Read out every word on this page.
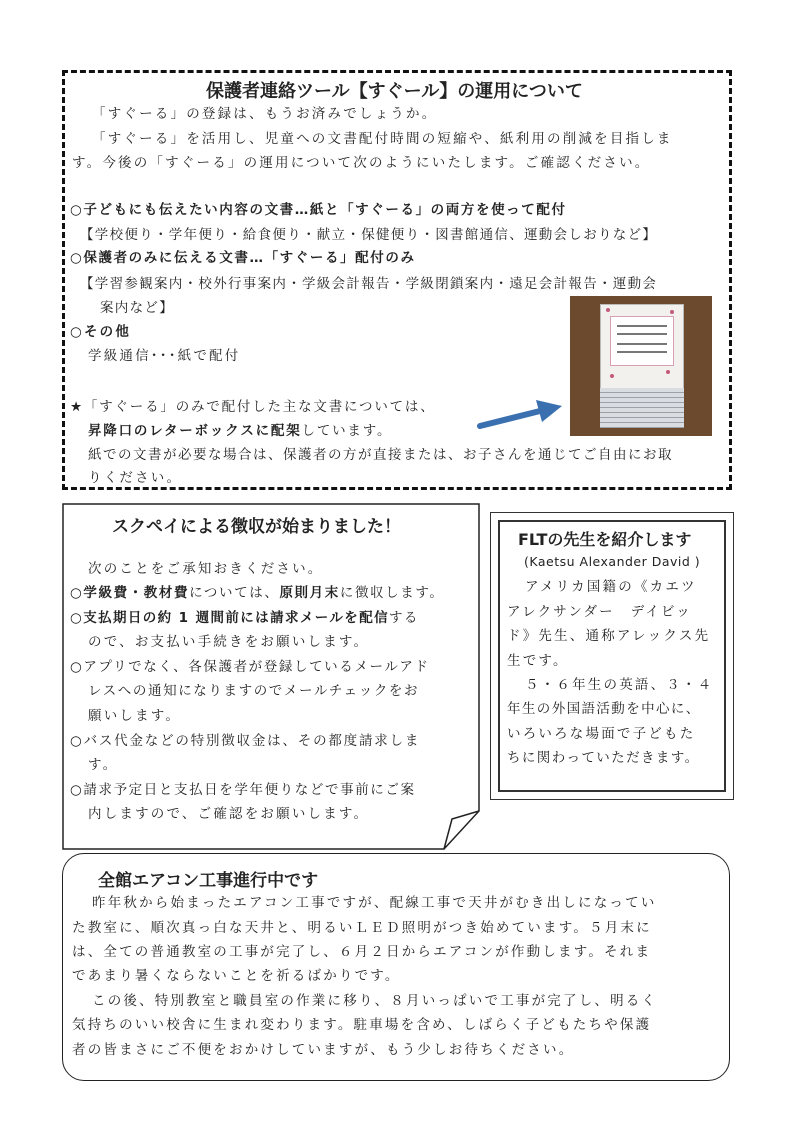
保護者連絡ツール【すぐール】の運用について
「すぐーる」の登録は、もうお済みでしょうか。
「すぐーる」を活用し、児童への文書配付時間の短縮や、紙利用の削減を目指しま
す。今後の「すぐーる」の運用について次のようにいたします。ご確認ください。
○子どもにも伝えたい内容の文書…紙と「すぐーる」の両方を使って配付
【学校便り・学年便り・給食便り・献立・保健便り・図書館通信、運動会しおりなど】
○保護者のみに伝える文書…「すぐーる」配付のみ
【学習参観案内・校外行事案内・学級会計報告・学級閉鎖案内・遠足会計報告・運動会
案内など】
○その他
学級通信･･･紙で配付
★「すぐーる」のみで配付した主な文書については、
昇降口のレターボックスに配架しています。
紙での文書が必要な場合は、保護者の方が直接または、お子さんを通じてご自由にお取
りください。
スクペイによる徴収が始まりました！
次のことをご承知おきください。
○学級費・教材費については、原則月末に徴収します。
○支払期日の約 1 週間前には請求メールを配信する
ので、お支払い手続きをお願いします。
○アプリでなく、各保護者が登録しているメールアド
レスへの通知になりますのでメールチェックをお
願いします。
○バス代金などの特別徴収金は、その都度請求しま
す。
○請求予定日と支払日を学年便りなどで事前にご案
内しますので、ご確認をお願いします。
FLTの先生を紹介します
(Kaetsu Alexander David )
アメリカ国籍の《カエツ
アレクサンダー　デイビッ
ド》先生、通称アレックス先
生です。
５・６年生の英語、３・４
年生の外国語活動を中心に、
いろいろな場面で子どもた
ちに関わっていただきます。
全館エアコン工事進行中です
昨年秋から始まったエアコン工事ですが、配線工事で天井がむき出しになってい
た教室に、順次真っ白な天井と、明るいＬＥＤ照明がつき始めています。５月末に
は、全ての普通教室の工事が完了し、６月２日からエアコンが作動します。それま
であまり暑くならないことを祈るばかりです。
この後、特別教室と職員室の作業に移り、８月いっぱいで工事が完了し、明るく
気持ちのいい校舎に生まれ変わります。駐車場を含め、しばらく子どもたちや保護
者の皆まさにご不便をおかけしていますが、もう少しお待ちください。
